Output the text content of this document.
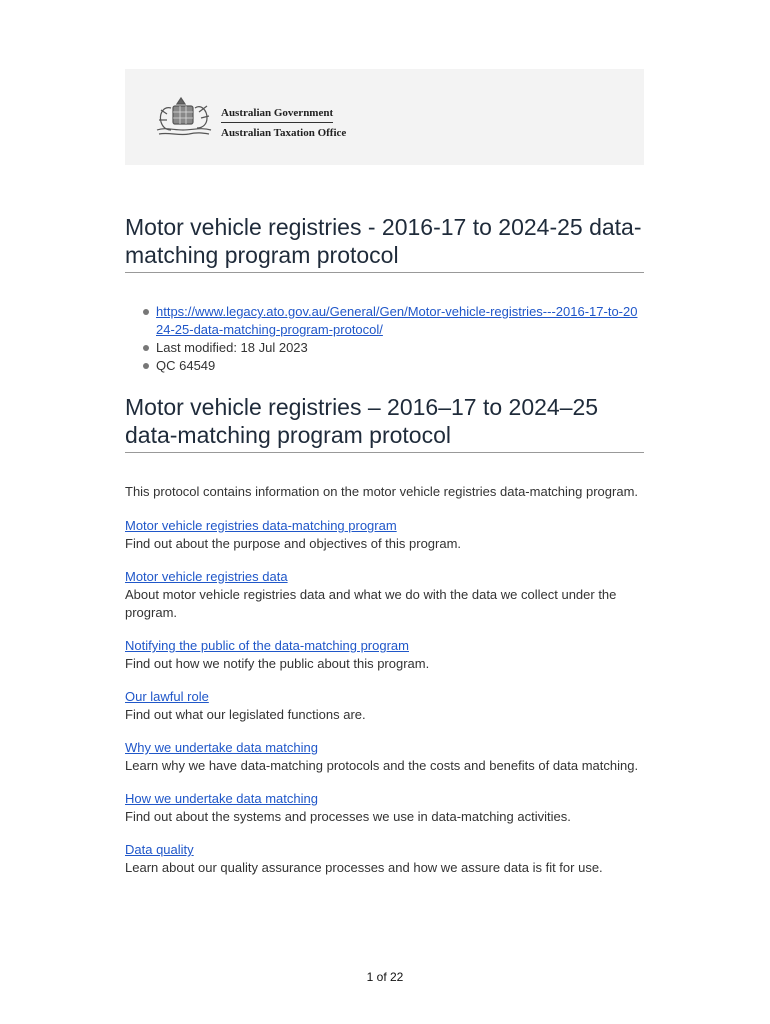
Australian Government
Australian Taxation Office
Motor vehicle registries - 2016-17 to 2024-25 data-matching program protocol
https://www.legacy.ato.gov.au/General/Gen/Motor-vehicle-registries---2016-17-to-2024-25-data-matching-program-protocol/
Last modified: 18 Jul 2023
QC 64549
Motor vehicle registries – 2016–17 to 2024–25 data-matching program protocol

This protocol contains information on the motor vehicle registries data-matching program.

Motor vehicle registries data-matching program
Find out about the purpose and objectives of this program.
Motor vehicle registries data
About motor vehicle registries data and what we do with the data we collect under the program.
Notifying the public of the data-matching program
Find out how we notify the public about this program.
Our lawful role
Find out what our legislated functions are.
Why we undertake data matching
Learn why we have data-matching protocols and the costs and benefits of data matching.
How we undertake data matching
Find out about the systems and processes we use in data-matching activities.
Data quality
Learn about our quality assurance processes and how we assure data is fit for use.
1 of 22
